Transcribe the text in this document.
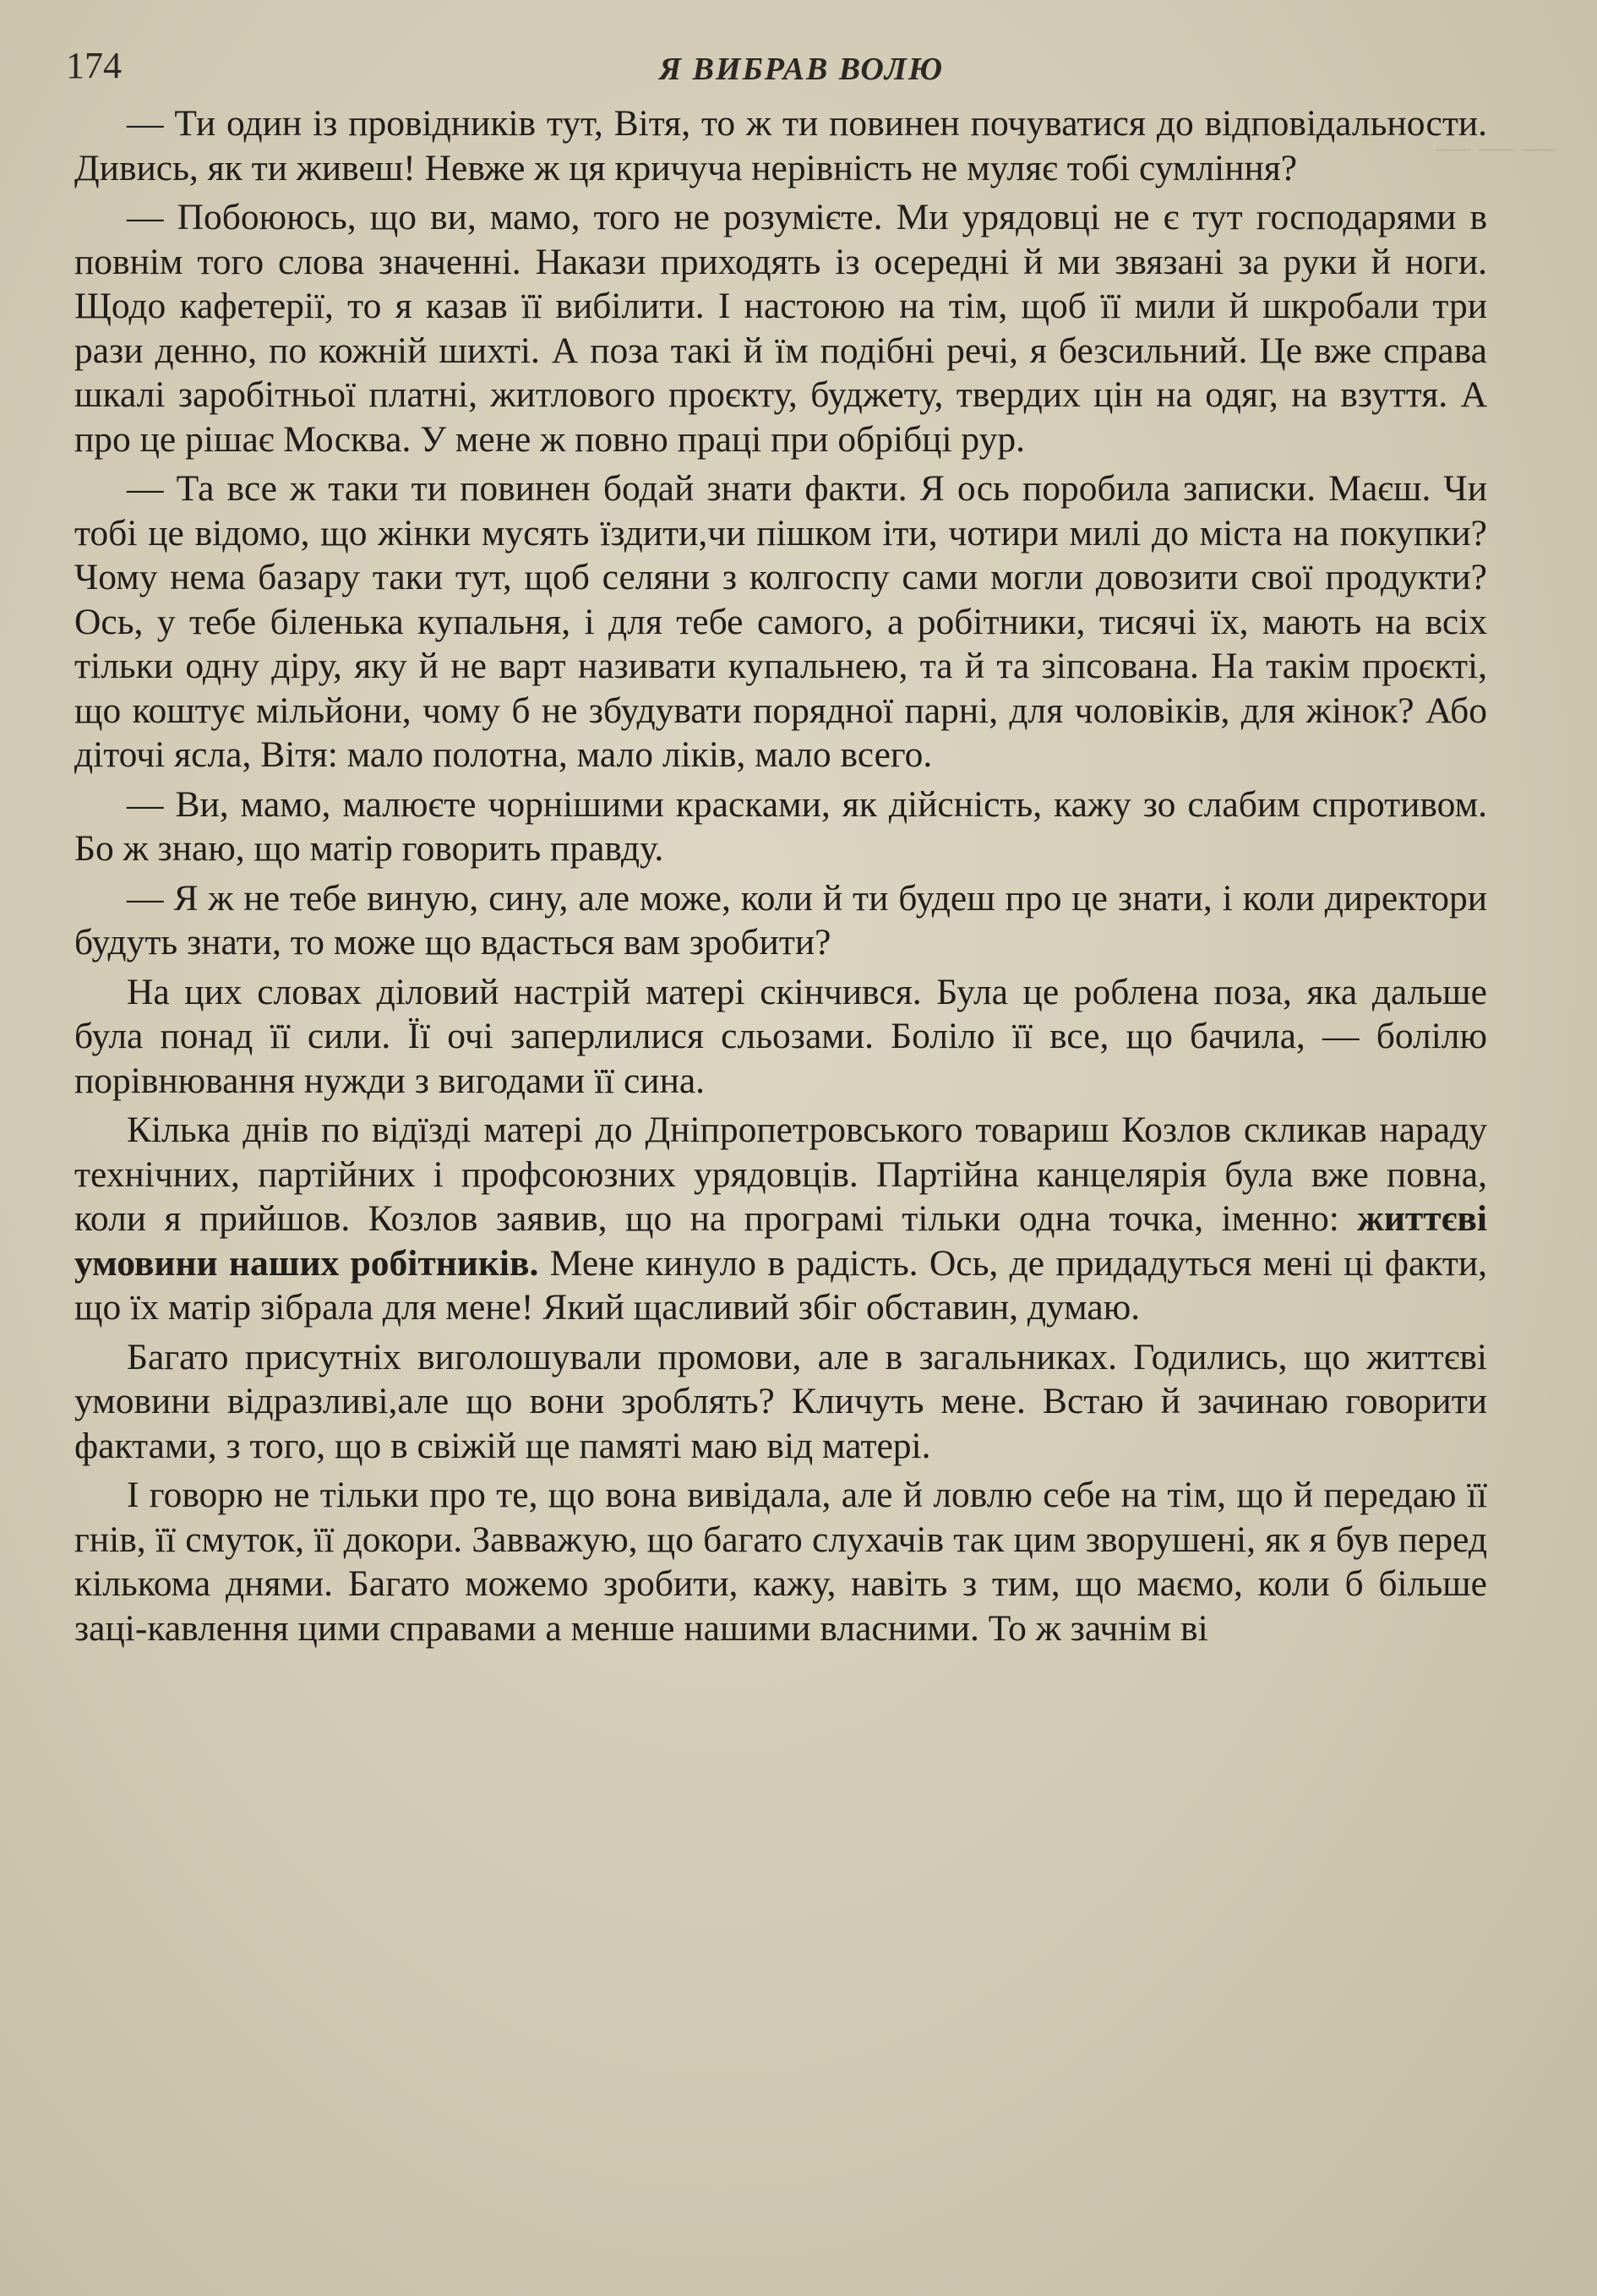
— — —
174	Я ВИБРАВ ВОЛЮ

— Ти один із провідників тут, Вітя, то ж ти повинен почуватися до відповідальности. Дивись, як ти живеш! Невже ж ця кричуча нерівність не муляє тобі сумління?

— Побоююсь, що ви, мамо, того не розумієте. Ми урядовці не є тут господарями в повнім того слова значенні. Накази приходять із осередні й ми звязані за руки й ноги. Щодо кафетерії, то я казав її вибілити. І настоюю на тім, щоб її мили й шкробали три рази денно, по кожній шихті. А поза такі й їм подібні речі, я безсильний. Це вже справа шкалі заробітньої платні, житлового проєкту, буджету, твердих цін на одяг, на взуття. А про це рішає Москва. У мене ж повно праці при обрібці рур.

— Та все ж таки ти повинен бодай знати факти. Я ось поробила записки. Маєш. Чи тобі це відомо, що жінки мусять їздити,чи пішком іти, чотири милі до міста на покупки? Чому нема базару таки тут, щоб селяни з колгоспу сами могли довозити свої продукти? Ось, у тебе біленька купальня, і для тебе самого, а робітники, тисячі їх, мають на всіх тільки одну діру, яку й не варт називати купальнею, та й та зіпсована. На такім проєкті, що коштує мільйони, чому б не збудувати порядної парні, для чоловіків, для жінок? Або діточі ясла, Вітя: мало полотна, мало ліків, мало всего.

— Ви, мамо, малюєте чорнішими красками, як дійсність, кажу зо слабим спротивом. Бо ж знаю, що матір говорить правду.

— Я ж не тебе виную, сину, але може, коли й ти будеш про це знати, і коли директори будуть знати, то може що вдасться вам зробити?

На цих словах діловий настрій матері скінчився. Була це роблена поза, яка дальше була понад її сили. Її очі заперлилися сльозами. Боліло її все, що бачила, — болілю порівнювання нужди з вигодами її сина.

Кілька днів по відїзді матері до Дніпропетровського товариш Козлов скликав нараду технічних, партійних і профсоюзних урядовців. Партійна канцелярія була вже повна, коли я прийшов. Козлов заявив, що на програмі тільки одна точка, іменно: життєві умовини наших робітників. Мене кинуло в радість. Ось, де придадуться мені ці факти, що їх матір зібрала для мене! Який щасливий збіг обставин, думаю.

Багато присутніх виголошували промови, але в загальниках. Годились, що життєві умовини відразливі,але що вони зроблять? Кличуть мене. Встаю й зачинаю говорити фактами, з того, що в свіжій ще памяті маю від матері.

І говорю не тільки про те, що вона вивідала, але й ловлю себе на тім, що й передаю її гнів, її смуток, її докори. Завважую, що багато слухачів так цим зворушені, як я був перед кількома днями. Багато можемо зробити, кажу, навіть з тим, що маємо, коли б більше заці-кавлення цими справами а менше нашими власними. То ж зачнім ві
